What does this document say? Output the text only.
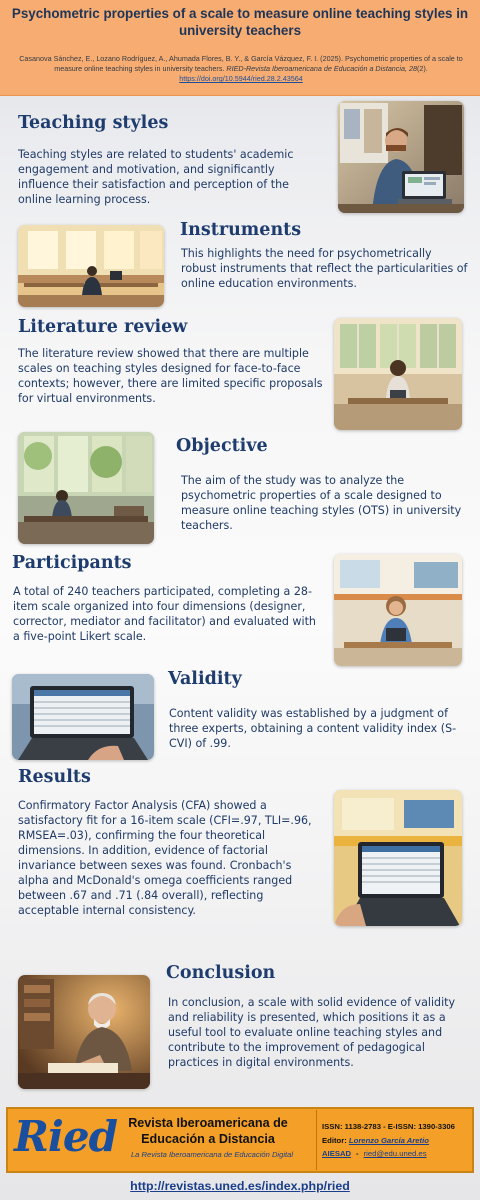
Psychometric properties of a scale to measure online teaching styles in university teachers
Casanova Sánchez, E., Lozano Rodríguez, A., Ahumada Flores, B. Y., & García Vázquez, F. I. (2025). Psychometric properties of a scale to measure online teaching styles in university teachers. RIED-Revista Iberoamericana de Educación a Distancia, 28(2). https://doi.org/10.5944/ried.28.2.43564
Teaching styles
Teaching styles are related to students' academic engagement and motivation, and significantly influence their satisfaction and perception of the online learning process.
Instruments
This highlights the need for psychometrically robust instruments that reflect the particularities of online education environments.
Literature review
The literature review showed that there are multiple scales on teaching styles designed for face-to-face contexts; however, there are limited specific proposals for virtual environments.
Objective
The aim of the study was to analyze the psychometric properties of a scale designed to measure online teaching styles (OTS) in university teachers.
Participants
A total of 240 teachers participated, completing a 28-item scale organized into four dimensions (designer, corrector, mediator and facilitator) and evaluated with a five-point Likert scale.
Validity
Content validity was established by a judgment of three experts, obtaining a content validity index (S-CVI) of .99.
Results
Confirmatory Factor Analysis (CFA) showed a satisfactory fit for a 16-item scale (CFI=.97, TLI=.96, RMSEA=.03), confirming the four theoretical dimensions. In addition, evidence of factorial invariance between sexes was found. Cronbach's alpha and McDonald's omega coefficients ranged between .67 and .71 (.84 overall), reflecting acceptable internal consistency.
Conclusion
In conclusion, a scale with solid evidence of validity and reliability is presented, which positions it as a useful tool to evaluate online teaching styles and contribute to the improvement of pedagogical practices in digital environments.
Ried Revista Iberoamericana de Educación a Distancia
La Revista Iberoamericana de Educación Digital
ISSN: 1138-2783 - E-ISSN: 1390-3306
Editor: Lorenzo García Aretio
AIESAD - ried@edu.uned.es
http://revistas.uned.es/index.php/ried
